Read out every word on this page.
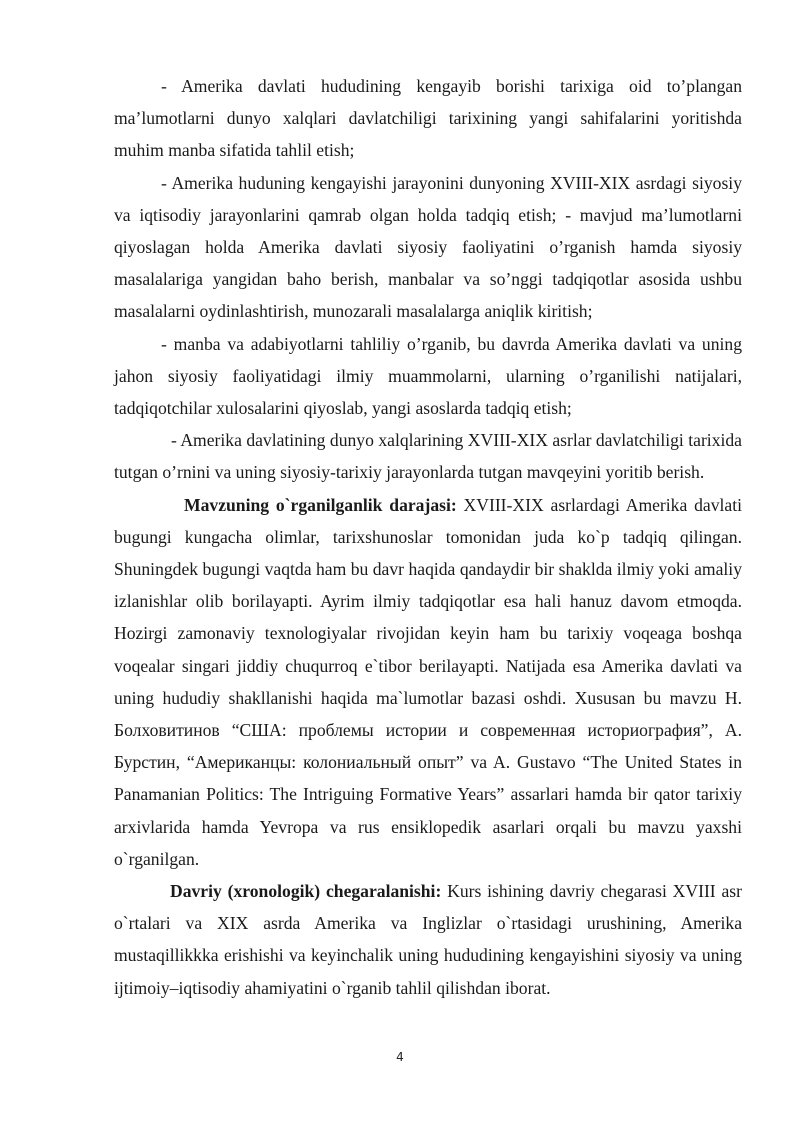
- Amerika davlati hududining kengayib borishi tarixiga oid to’plangan ma’lumotlarni dunyo xalqlari davlatchiligi tarixining yangi sahifalarini yoritishda muhim manba sifatida tahlil etish;

- Amerika huduning kengayishi jarayonini dunyoning XVIII-XIX asrdagi siyosiy va iqtisodiy jarayonlarini qamrab olgan holda tadqiq etish; - mavjud ma’lumotlarni qiyoslagan holda Amerika davlati siyosiy faoliyatini o’rganish hamda siyosiy masalalariga yangidan baho berish, manbalar va so’nggi tadqiqotlar asosida ushbu masalalarni oydinlashtirish, munozarali masalalarga aniqlik kiritish;

- manba va adabiyotlarni tahliliy o’rganib, bu davrda Amerika davlati va uning jahon siyosiy faoliyatidagi ilmiy muammolarni, ularning o’rganilishi natijalari, tadqiqotchilar xulosalarini qiyoslab, yangi asoslarda tadqiq etish;

- Amerika davlatining dunyo xalqlarining XVIII-XIX asrlar davlatchiligi tarixida tutgan o’rnini va uning siyosiy-tarixiy jarayonlarda tutgan mavqeyini yoritib berish.

Mavzuning o`rganilganlik darajasi: XVIII-XIX asrlardagi Amerika davlati bugungi kungacha olimlar, tarixshunoslar tomonidan juda ko`p tadqiq qilingan. Shuningdek bugungi vaqtda ham bu davr haqida qandaydir bir shaklda ilmiy yoki amaliy izlanishlar olib borilayapti. Ayrim ilmiy tadqiqotlar esa hali hanuz davom etmoqda. Hozirgi zamonaviy texnologiyalar rivojidan keyin ham bu tarixiy voqeaga boshqa voqealar singari jiddiy chuqurroq e`tibor berilayapti. Natijada esa Amerika davlati va uning hududiy shakllanishi haqida ma`lumotlar bazasi oshdi. Xususan bu mavzu Н. Болховитинов “США: проблемы истории и современная историография”, А. Бурстин, “Американцы: колониальный опыт” va A. Gustavo “The United States in Panamanian Politics: The Intriguing Formative Years” assarlari hamda bir qator tarixiy arxivlarida hamda Yevropa va rus ensiklopedik asarlari orqali bu mavzu yaxshi o`rganilgan.

Davriy (xronologik) chegaralanishi: Kurs ishining davriy chegarasi XVIII asr o`rtalari va XIX asrda Amerika va Inglizlar o`rtasidagi urushining, Amerika mustaqillikkka erishishi va keyinchalik uning hududining kengayishini siyosiy va uning ijtimoiy–iqtisodiy ahamiyatini o`rganib tahlil qilishdan iborat.

4
